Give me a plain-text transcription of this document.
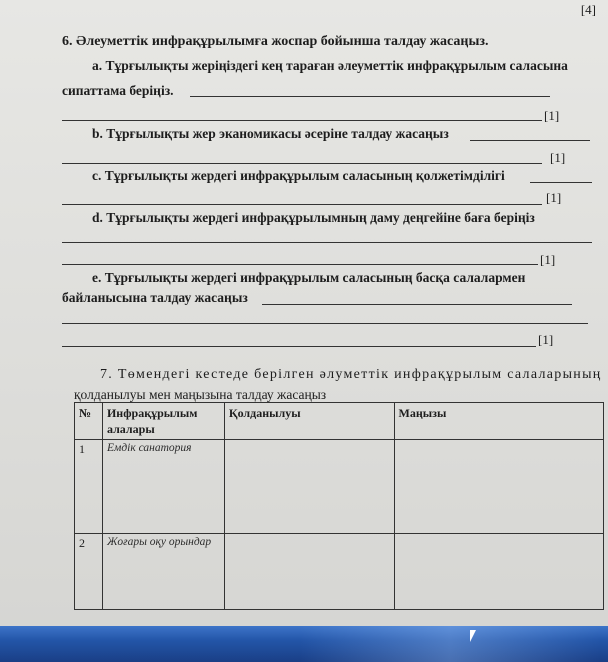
[4]
6. Әлеуметтік инфрақұрылымға жоспар бойынша талдау жасаңыз.
а. Тұрғылықты жеріңіздегі кең тараған әлеуметтік инфрақұрылым саласына
сипаттама беріңіз.
[1]
b. Тұрғылықты жер эканомикасы әсеріне талдау жасаңыз
[1]
c. Тұрғылықты жердегі инфрақұрылым саласының қолжетімділігі
[1]
d. Тұрғылықты жердегі инфрақұрылымның даму деңгейіне баға беріңіз
[1]
е. Тұрғылықты жердегі инфрақұрылым саласының басқа салалармен
байланысына талдау жасаңыз
[1]
7. Төмендегі кестеде берілген әлуметтік инфрақұрылым салаларының
қолданылуы мен маңызына талдау жасаңыз
№	Инфрақұрылым алалары	Қолданылуы	Маңызы
1	Емдік санатория		
2	Жоғары оқу орындар		
